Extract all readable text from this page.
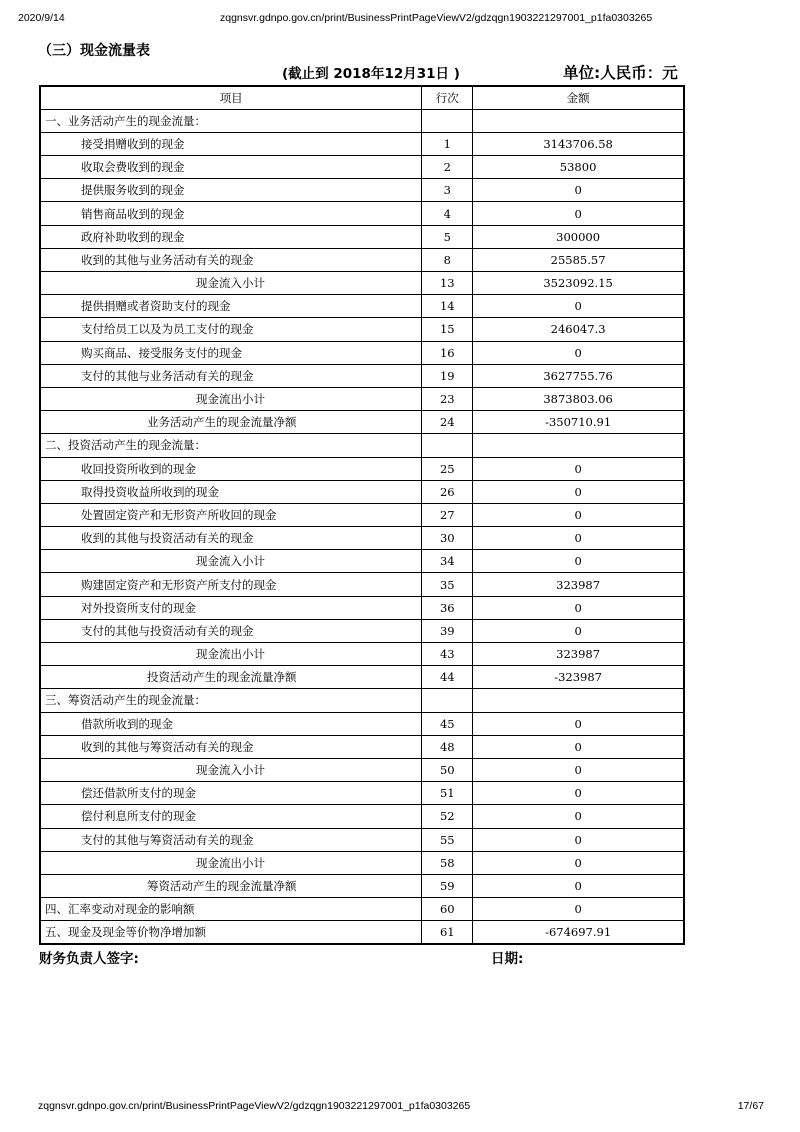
2020/9/14	zqgnsvr.gdnpo.gov.cn/print/BusinessPrintPageViewV2/gdzqgn1903221297001_p1fa0303265
（三）现金流量表
(截止到 2018年12月31日 )	单位:人民币：元
项目	行次	金额
一、业务活动产生的现金流量：		
接受捐赠收到的现金	1	3143706.58
收取会费收到的现金	2	53800
提供服务收到的现金	3	0
销售商品收到的现金	4	0
政府补助收到的现金	5	300000
收到的其他与业务活动有关的现金	8	25585.57
现金流入小计	13	3523092.15
提供捐赠或者资助支付的现金	14	0
支付给员工以及为员工支付的现金	15	246047.3
购买商品、接受服务支付的现金	16	0
支付的其他与业务活动有关的现金	19	3627755.76
现金流出小计	23	3873803.06
业务活动产生的现金流量净额	24	-350710.91
二、投资活动产生的现金流量：		
收回投资所收到的现金	25	0
取得投资收益所收到的现金	26	0
处置固定资产和无形资产所收回的现金	27	0
收到的其他与投资活动有关的现金	30	0
现金流入小计	34	0
购建固定资产和无形资产所支付的现金	35	323987
对外投资所支付的现金	36	0
支付的其他与投资活动有关的现金	39	0
现金流出小计	43	323987
投资活动产生的现金流量净额	44	-323987
三、筹资活动产生的现金流量：		
借款所收到的现金	45	0
收到的其他与筹资活动有关的现金	48	0
现金流入小计	50	0
偿还借款所支付的现金	51	0
偿付利息所支付的现金	52	0
支付的其他与筹资活动有关的现金	55	0
现金流出小计	58	0
筹资活动产生的现金流量净额	59	0
四、汇率变动对现金的影响额	60	0
五、现金及现金等价物净增加额	61	-674697.91
财务负责人签字:	日期:
zqgnsvr.gdnpo.gov.cn/print/BusinessPrintPageViewV2/gdzqgn1903221297001_p1fa0303265	17/67
